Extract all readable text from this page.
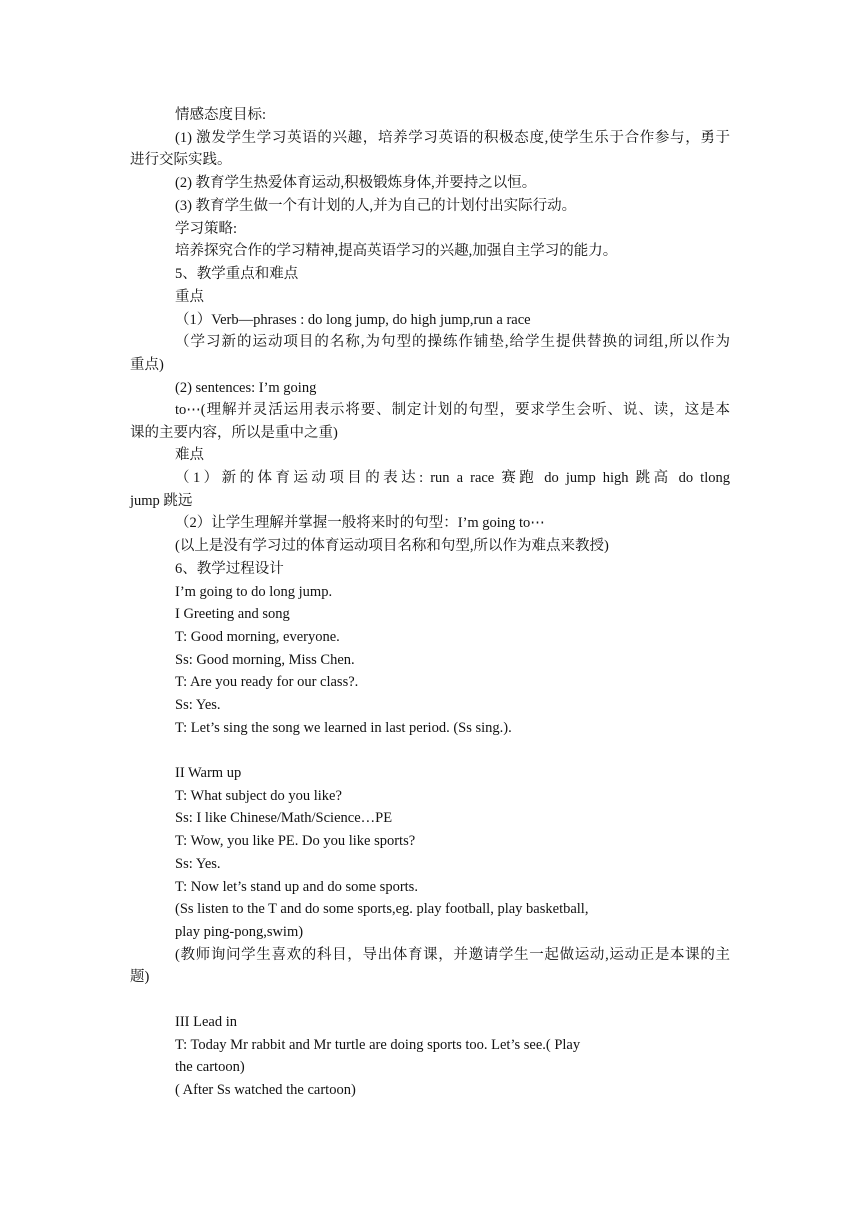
情感态度目标:
(1) 激发学生学习英语的兴趣，培养学习英语的积极态度,使学生乐于合作参与，勇于
进行交际实践。
(2) 教育学生热爱体育运动,积极锻炼身体,并要持之以恒。
(3) 教育学生做一个有计划的人,并为自己的计划付出实际行动。
学习策略:
培养探究合作的学习精神,提高英语学习的兴趣,加强自主学习的能力。
5、教学重点和难点
重点
（1）Verb—phrases : do long jump, do high jump,run a race
（学习新的运动项目的名称,为句型的操练作铺垫,给学生提供替换的词组,所以作为
重点)
(2) sentences: I’m going
to⋯(理解并灵活运用表示将要、制定计划的句型，要求学生会听、说、读，这是本
课的主要内容，所以是重中之重)
难点
（1）新的体育运动项目的表达: run a race 赛跑 do jump high 跳高 do tlong
jump 跳远
（2）让学生理解并掌握一般将来时的句型：I’m going to⋯
(以上是没有学习过的体育运动项目名称和句型,所以作为难点来教授)
6、教学过程设计
I’m going to do long jump.
I Greeting and song
T: Good morning, everyone.
Ss: Good morning, Miss Chen.
T: Are you ready for our class?.
Ss: Yes.
T: Let’s sing the song we learned in last period. (Ss sing.).
II Warm up
T: What subject do you like?
Ss: I like Chinese/Math/Science…PE
T: Wow, you like PE. Do you like sports?
Ss: Yes.
T: Now let’s stand up and do some sports.
(Ss listen to the T and do some sports,eg. play football, play basketball,
play ping-pong,swim)
(教师询问学生喜欢的科目，导出体育课，并邀请学生一起做运动,运动正是本课的主
题)
III Lead in
T: Today Mr rabbit and Mr turtle are doing sports too. Let’s see.( Play
the cartoon)
( After Ss watched the cartoon)
